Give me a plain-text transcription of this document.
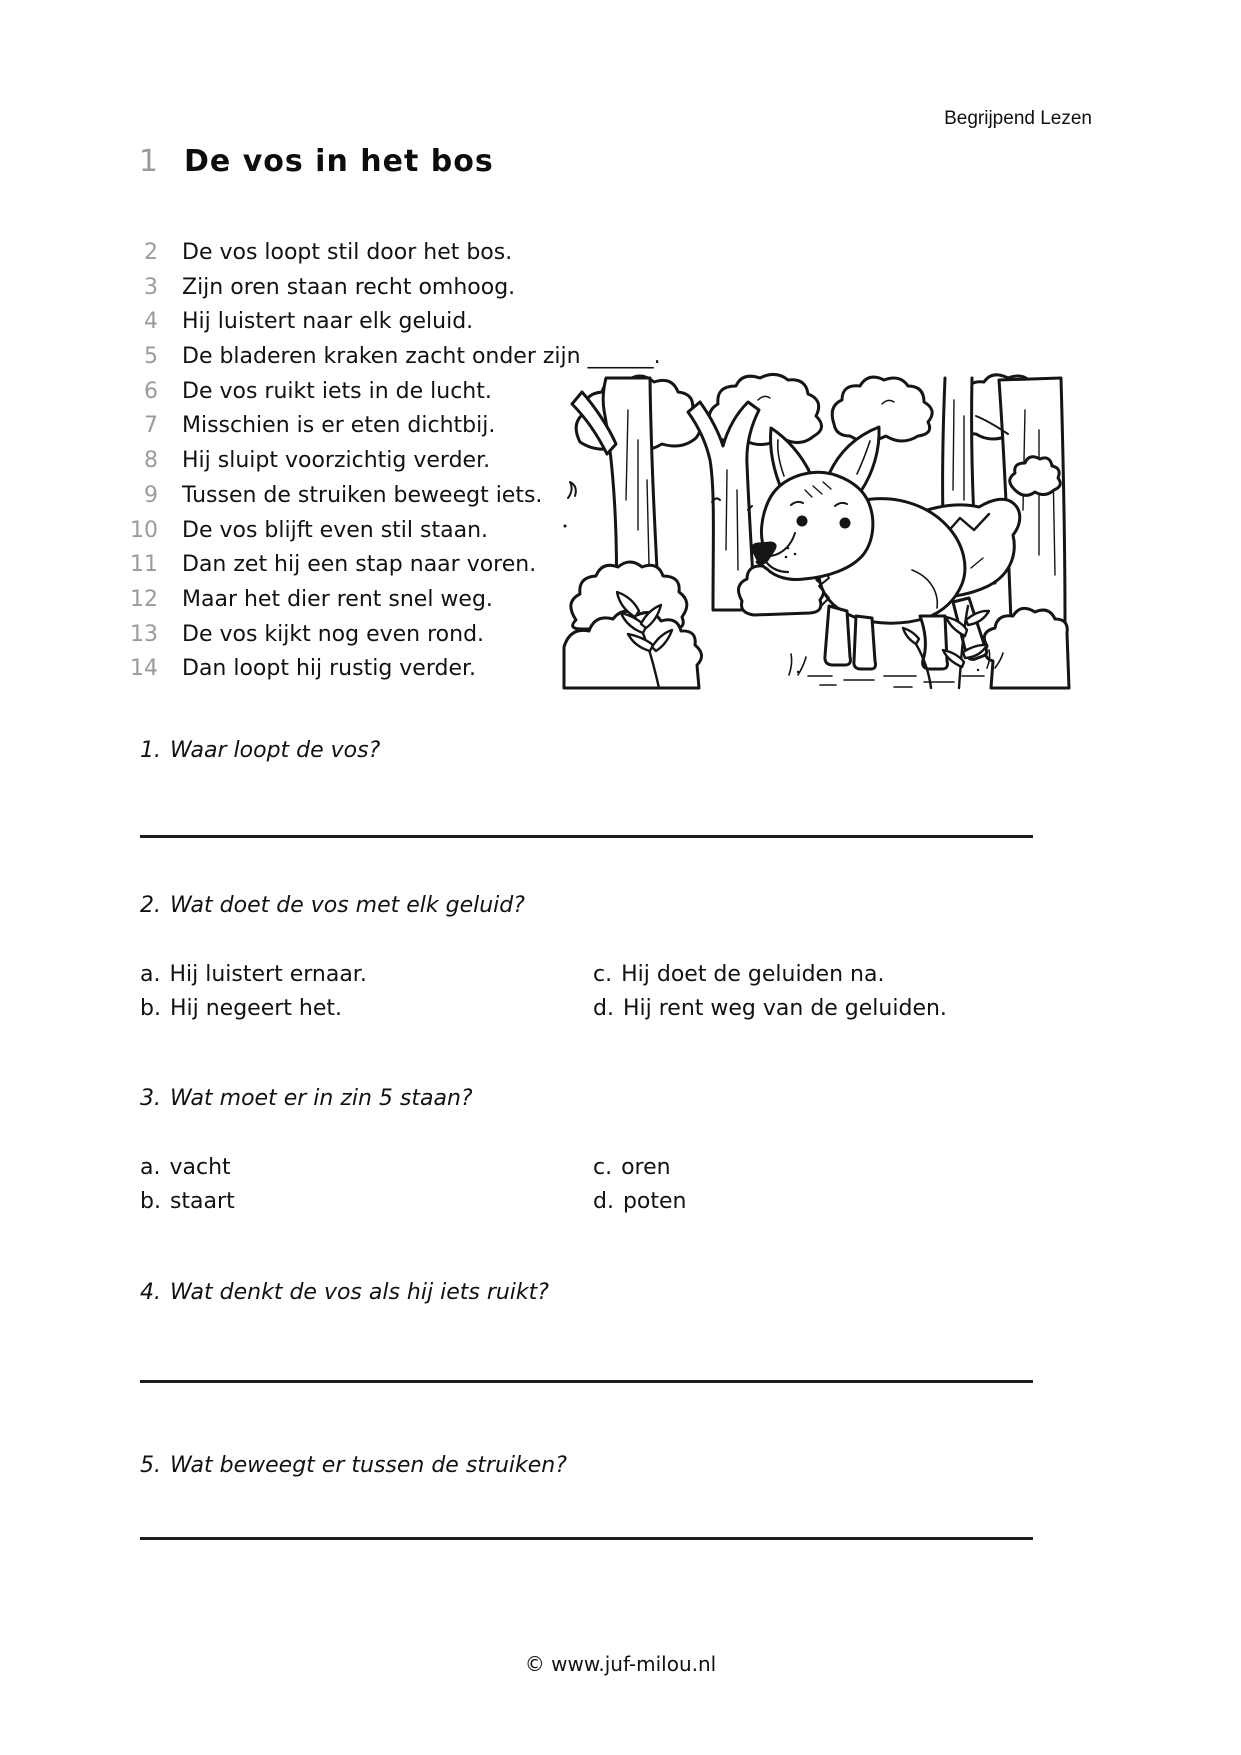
Begrijpend Lezen
1 De vos in het bos
2 De vos loopt stil door het bos.
3 Zijn oren staan recht omhoog.
4 Hij luistert naar elk geluid.
5 De bladeren kraken zacht onder zijn ______.
6 De vos ruikt iets in de lucht.
7 Misschien is er eten dichtbij.
8 Hij sluipt voorzichtig verder.
9 Tussen de struiken beweegt iets.
10 De vos blijft even stil staan.
11 Dan zet hij een stap naar voren.
12 Maar het dier rent snel weg.
13 De vos kijkt nog even rond.
14 Dan loopt hij rustig verder.
1. Waar loopt de vos?
2. Wat doet de vos met elk geluid?
a. Hij luistert ernaar.	c. Hij doet de geluiden na.
b. Hij negeert het.	d. Hij rent weg van de geluiden.
3. Wat moet er in zin 5 staan?
a. vacht	c. oren
b. staart	d. poten
4. Wat denkt de vos als hij iets ruikt?
5. Wat beweegt er tussen de struiken?
© www.juf-milou.nl
